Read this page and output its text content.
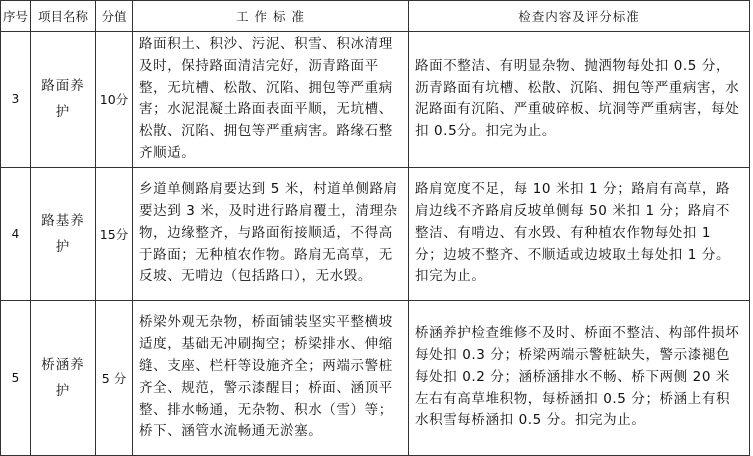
序号	项目名称	分值	工 作 标 准	检查内容及评分标准
3	路面养护	10分	路面积土、积沙、污泥、积雪、积冰清理及时，保持路面清洁完好，沥青路面平整，无坑槽、松散、沉陷、拥包等严重病害；水泥混凝土路面表面平顺，无坑槽、松散、沉陷、拥包等严重病害。路缘石整齐顺适。	路面不整洁、有明显杂物、抛洒物每处扣 0.5 分，沥青路面有坑槽、松散、沉陷、拥包等严重病害，水泥路面有沉陷、严重破碎板、坑洞等严重病害，每处扣 0.5分。扣完为止。
4	路基养护	15分	乡道单侧路肩要达到 5 米，村道单侧路肩要达到 3 米，及时进行路肩覆土，清理杂物，边缘整齐，与路面衔接顺适，不得高于路面；无种植农作物。路肩无高草，无反坡、无啃边（包括路口），无水毁。	路肩宽度不足，每 10 米扣 1 分；路肩有高草，路肩边线不齐路肩反坡单侧每 50 米扣 1 分；路肩不整洁、有啃边、有水毁、有种植农作物每处扣 1 分；边坡不整齐、不顺适或边坡取土每处扣 1 分。扣完为止。
5	桥涵养护	5 分	桥梁外观无杂物，桥面铺装坚实平整横坡适度，基础无冲刷掏空；桥梁排水、伸缩缝、支座、栏杆等设施齐全；两端示警桩齐全、规范，警示漆醒目；桥面、涵顶平整、排水畅通，无杂物、积水（雪）等；桥下、涵管水流畅通无淤塞。	桥涵养护检查维修不及时、桥面不整洁、构部件损坏每处扣 0.3 分；桥梁两端示警桩缺失，警示漆褪色每处扣 0.2 分；涵桥涵排水不畅、桥下两侧 20 米左右有高草堆积物，每桥涵扣 0.5 分；桥涵上有积水积雪每桥涵扣 0.5 分。扣完为止。
